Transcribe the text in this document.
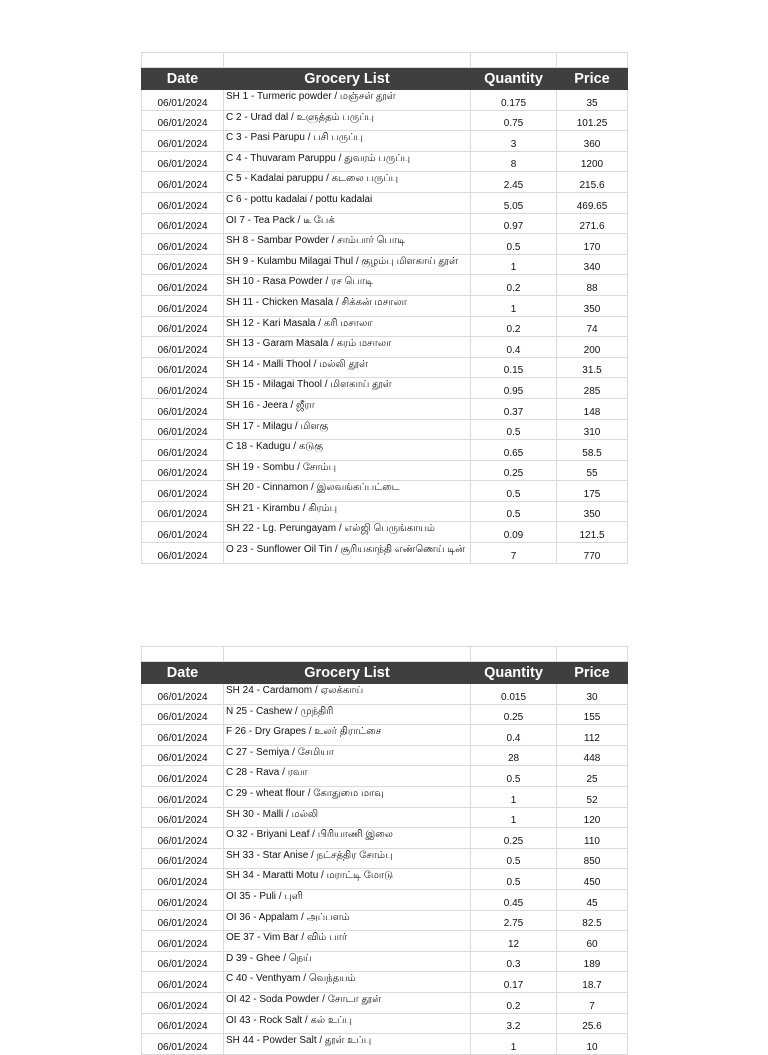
Date	Grocery List	Quantity	Price
06/01/2024	SH 1 - Turmeric powder / மஞ்சள் தூள்	0.175	35
06/01/2024	C 2 - Urad dal / உளுத்தம் பருப்பு	0.75	101.25
06/01/2024	C 3 - Pasi Parupu / பசி பருப்பு	3	360
06/01/2024	C 4 - Thuvaram Paruppu / துவரம் பருப்பு	8	1200
06/01/2024	C 5 - Kadalai paruppu / கடலை பருப்பு	2.45	215.6
06/01/2024	C 6 - pottu kadalai / pottu kadalai	5.05	469.65
06/01/2024	OI 7 - Tea Pack / டீ பேக்	0.97	271.6
06/01/2024	SH 8 - Sambar Powder / சாம்பார் பொடி	0.5	170
06/01/2024	SH 9 - Kulambu Milagai Thul / குழம்பு மிளகாய் தூள்	1	340
06/01/2024	SH 10 - Rasa Powder / ரச பொடி	0.2	88
06/01/2024	SH 11 - Chicken Masala / சிக்கன் மசாலா	1	350
06/01/2024	SH 12 - Kari Masala / கரி மசாலா	0.2	74
06/01/2024	SH 13 - Garam Masala / கரம் மசாலா	0.4	200
06/01/2024	SH 14 - Malli Thool / மல்லி தூள்	0.15	31.5
06/01/2024	SH 15 - Milagai Thool / மிளகாய் தூள்	0.95	285
06/01/2024	SH 16 - Jeera / ஜீரா	0.37	148
06/01/2024	SH 17 - Milagu / மிளகு	0.5	310
06/01/2024	C 18 - Kadugu / கடுகு	0.65	58.5
06/01/2024	SH 19 - Sombu / சோம்பு	0.25	55
06/01/2024	SH 20 - Cinnamon / இலவங்கப்பட்டை	0.5	175
06/01/2024	SH 21 - Kirambu / கிரம்பு	0.5	350
06/01/2024	SH 22 - Lg. Perungayam / எல்ஜி பெருங்காயம்	0.09	121.5
06/01/2024	O 23 - Sunflower Oil Tin / சூரியகாந்தி எண்ணெய் டின்	7	770

Date	Grocery List	Quantity	Price
06/01/2024	SH 24 - Cardamom / ஏலக்காய்	0.015	30
06/01/2024	N 25 - Cashew / முந்திரி	0.25	155
06/01/2024	F 26 - Dry Grapes / உலர் திராட்சை	0.4	112
06/01/2024	C 27 - Semiya / சேமியா	28	448
06/01/2024	C 28 - Rava / ரவா	0.5	25
06/01/2024	C 29 - wheat flour / கோதுமை மாவு	1	52
06/01/2024	SH 30 - Malli / மல்லி	1	120
06/01/2024	O 32 - Briyani Leaf / பிரியாணி இலை	0.25	110
06/01/2024	SH 33 - Star Anise / நட்சத்திர சோம்பு	0.5	850
06/01/2024	SH 34 - Maratti Motu / மராட்டி மோடு	0.5	450
06/01/2024	OI 35 - Puli / புளி	0.45	45
06/01/2024	OI 36 - Appalam / அப்பளம்	2.75	82.5
06/01/2024	OE 37 - Vim Bar / விம் பார்	12	60
06/01/2024	D 39 - Ghee / நெய்	0.3	189
06/01/2024	C 40 - Venthyam / வெந்தயம்	0.17	18.7
06/01/2024	OI 42 - Soda Powder / சோடா தூள்	0.2	7
06/01/2024	OI 43 - Rock Salt / கல் உப்பு	3.2	25.6
06/01/2024	SH 44 - Powder Salt / தூள் உப்பு	1	10
